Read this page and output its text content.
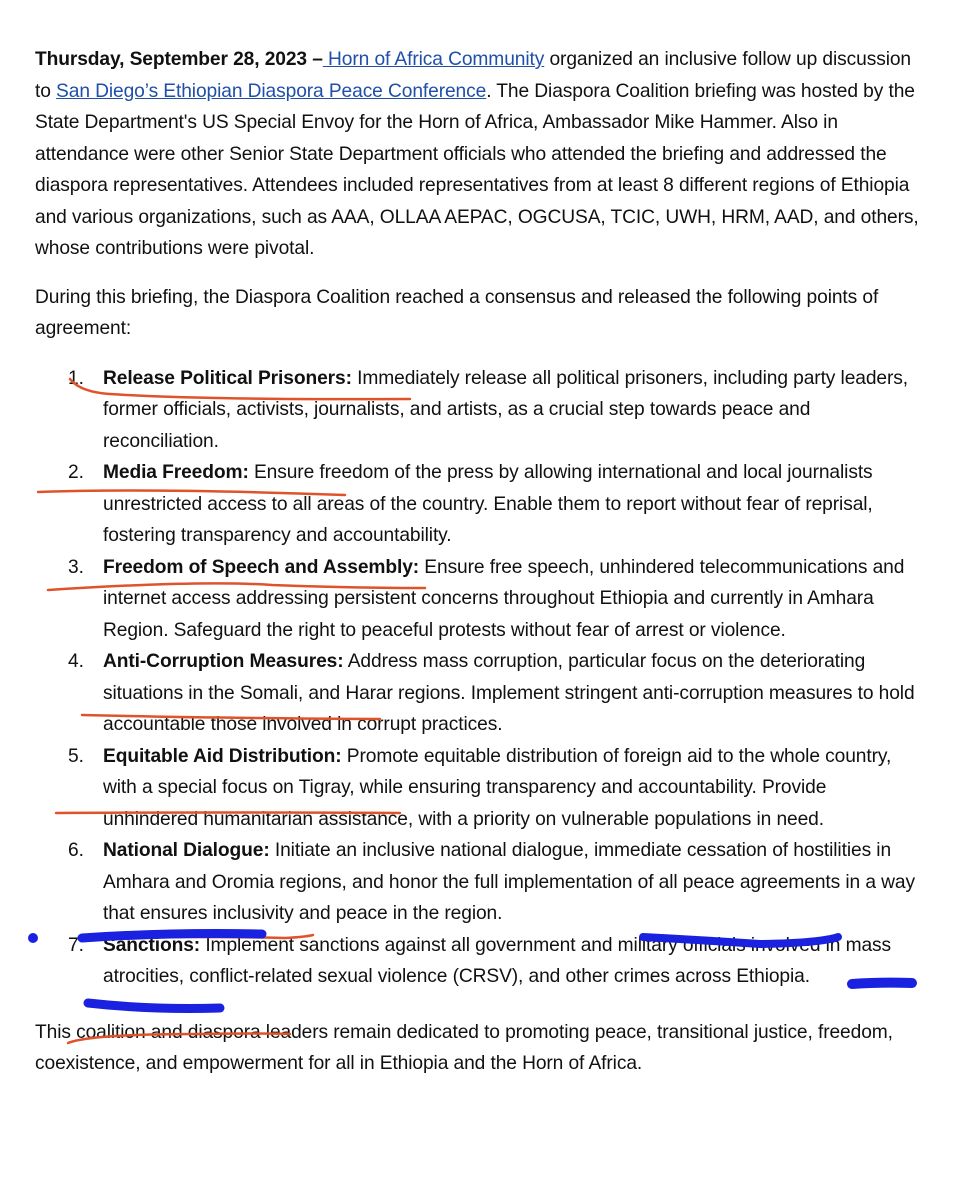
Thursday, September 28, 2023 – Horn of Africa Community organized an inclusive follow up discussion to San Diego’s Ethiopian Diaspora Peace Conference. The Diaspora Coalition briefing was hosted by the State Department's US Special Envoy for the Horn of Africa, Ambassador Mike Hammer. Also in attendance were other Senior State Department officials who attended the briefing and addressed the diaspora representatives. Attendees included representatives from at least 8 different regions of Ethiopia and various organizations, such as AAA, OLLAA AEPAC, OGCUSA, TCIC, UWH, HRM, AAD, and others, whose contributions were pivotal.

During this briefing, the Diaspora Coalition reached a consensus and released the following points of agreement:

1. Release Political Prisoners: Immediately release all political prisoners, including party leaders, former officials, activists, journalists, and artists, as a crucial step towards peace and reconciliation.
2. Media Freedom: Ensure freedom of the press by allowing international and local journalists unrestricted access to all areas of the country. Enable them to report without fear of reprisal, fostering transparency and accountability.
3. Freedom of Speech and Assembly: Ensure free speech, unhindered telecommunications and internet access addressing persistent concerns throughout Ethiopia and currently in Amhara Region. Safeguard the right to peaceful protests without fear of arrest or violence.
4. Anti-Corruption Measures: Address mass corruption, particular focus on the deteriorating situations in the Somali, and Harar regions. Implement stringent anti-corruption measures to hold accountable those involved in corrupt practices.
5. Equitable Aid Distribution: Promote equitable distribution of foreign aid to the whole country, with a special focus on Tigray, while ensuring transparency and accountability. Provide unhindered humanitarian assistance, with a priority on vulnerable populations in need.
6. National Dialogue: Initiate an inclusive national dialogue, immediate cessation of hostilities in Amhara and Oromia regions, and honor the full implementation of all peace agreements in a way that ensures inclusivity and peace in the region.
7. Sanctions: Implement sanctions against all government and military officials involved in mass atrocities, conflict-related sexual violence (CRSV), and other crimes across Ethiopia.

This coalition and diaspora leaders remain dedicated to promoting peace, transitional justice, freedom, coexistence, and empowerment for all in Ethiopia and the Horn of Africa.
